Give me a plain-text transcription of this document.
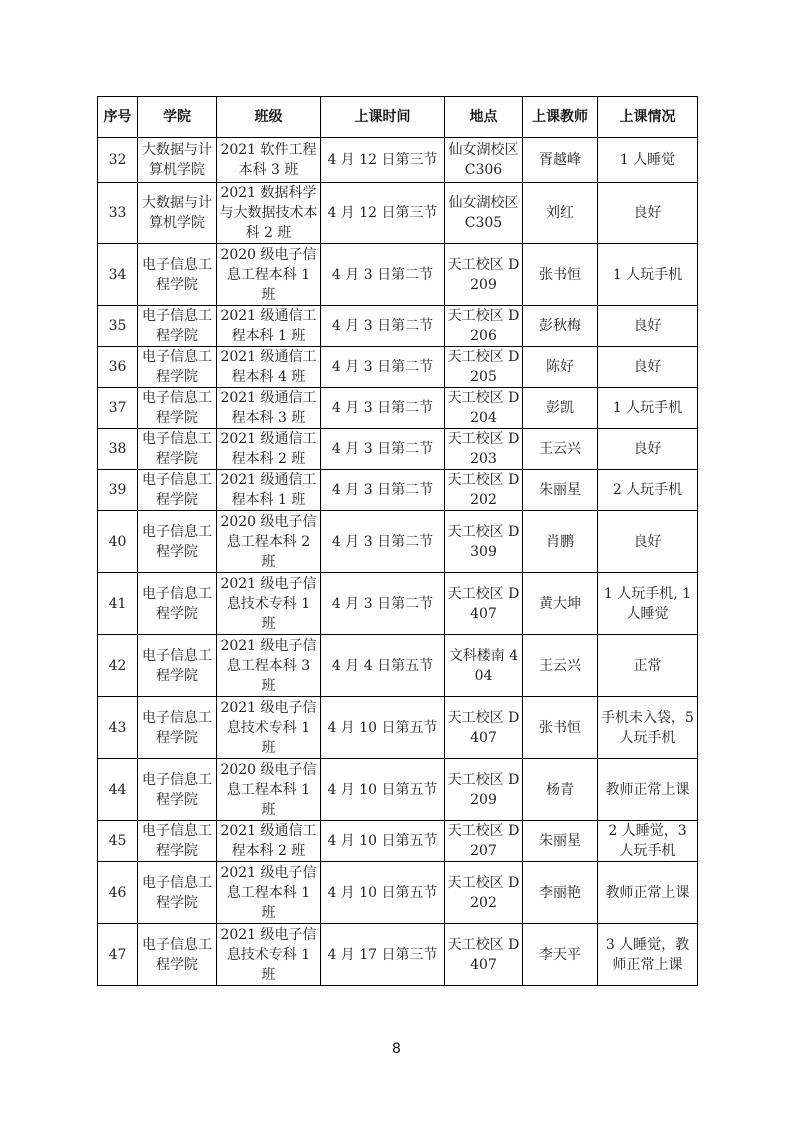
序号	学院	班级	上课时间	地点	上课教师	上课情况
32	大数据与计算机学院	2021 软件工程本科 3 班	4 月 12 日第三节	仙女湖校区 C306	胥越峰	1 人睡觉
33	大数据与计算机学院	2021 数据科学与大数据技术本科 2 班	4 月 12 日第三节	仙女湖校区 C305	刘红	良好
34	电子信息工程学院	2020 级电子信息工程本科 1 班	4 月 3 日第二节	天工校区 D209	张书恒	1 人玩手机
35	电子信息工程学院	2021 级通信工程本科 1 班	4 月 3 日第二节	天工校区 D206	彭秋梅	良好
36	电子信息工程学院	2021 级通信工程本科 4 班	4 月 3 日第二节	天工校区 D205	陈好	良好
37	电子信息工程学院	2021 级通信工程本科 3 班	4 月 3 日第二节	天工校区 D204	彭凯	1 人玩手机
38	电子信息工程学院	2021 级通信工程本科 2 班	4 月 3 日第二节	天工校区 D203	王云兴	良好
39	电子信息工程学院	2021 级通信工程本科 1 班	4 月 3 日第二节	天工校区 D202	朱丽星	2 人玩手机
40	电子信息工程学院	2020 级电子信息工程本科 2 班	4 月 3 日第二节	天工校区 D309	肖鹏	良好
41	电子信息工程学院	2021 级电子信息技术专科 1 班	4 月 3 日第二节	天工校区 D407	黄大坤	1 人玩手机, 1 人睡觉
42	电子信息工程学院	2021 级电子信息工程本科 3 班	4 月 4 日第五节	文科楼南 404	王云兴	正常
43	电子信息工程学院	2021 级电子信息技术专科 1 班	4 月 10 日第五节	天工校区 D407	张书恒	手机未入袋，5 人玩手机
44	电子信息工程学院	2020 级电子信息工程本科 1 班	4 月 10 日第五节	天工校区 D209	杨青	教师正常上课
45	电子信息工程学院	2021 级通信工程本科 2 班	4 月 10 日第五节	天工校区 D207	朱丽星	2 人睡觉，3 人玩手机
46	电子信息工程学院	2021 级电子信息工程本科 1 班	4 月 10 日第五节	天工校区 D202	李丽艳	教师正常上课
47	电子信息工程学院	2021 级电子信息技术专科 1 班	4 月 17 日第三节	天工校区 D407	李天平	3 人睡觉，教师正常上课
8
